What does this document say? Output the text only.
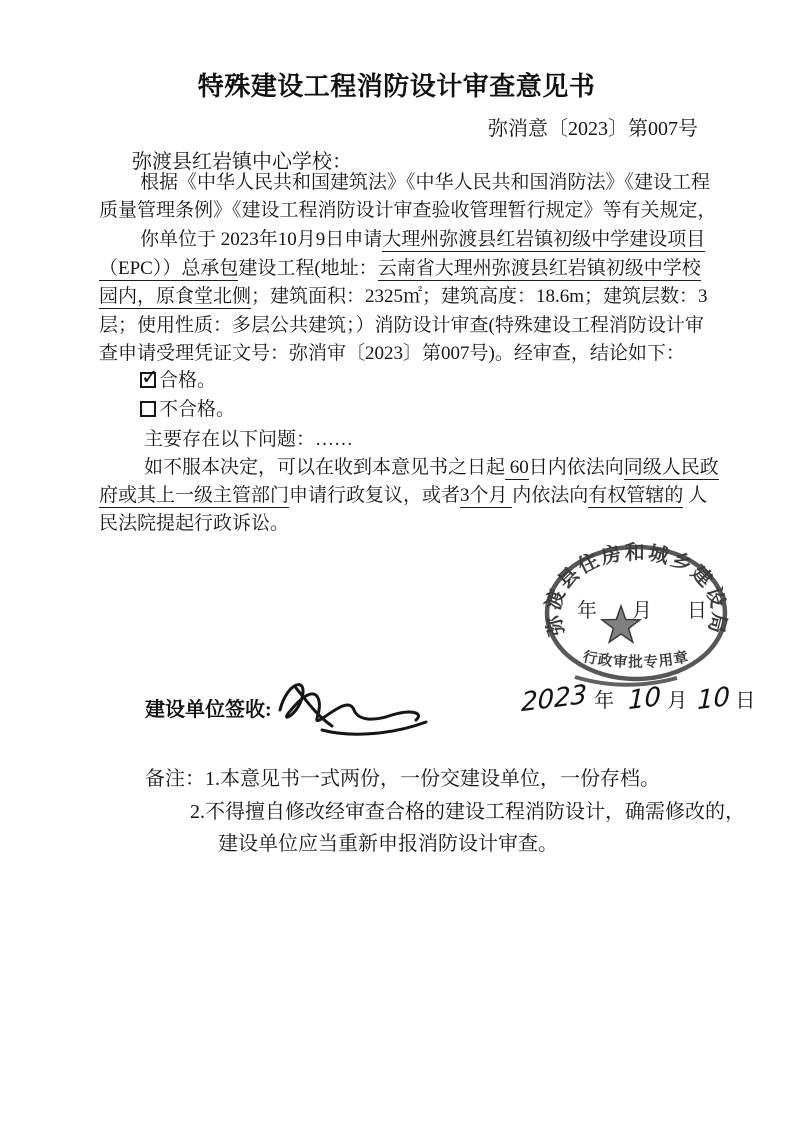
特殊建设工程消防设计审查意见书
弥消意〔2023〕第007号
弥渡县红岩镇中心学校：
根据《中华人民共和国建筑法》《中华人民共和国消防法》《建设工程
质量管理条例》《建设工程消防设计审查验收管理暂行规定》等有关规定，
你单位于 2023年10月9日申请大理州弥渡县红岩镇初级中学建设项目
（EPC））总承包建设工程(地址：云南省大理州弥渡县红岩镇初级中学校
园内，原食堂北侧；建筑面积：2325㎡；建筑高度：18.6m；建筑层数：3
层；使用性质：多层公共建筑；）消防设计审查(特殊建设工程消防设计审
查申请受理凭证文号：弥消审〔2023〕第007号)。经审查，结论如下：
✓ 合格。
不合格。
主要存在以下问题：……
如不服本决定，可以在收到本意见书之日起 60日内依法向同级人民政
府或其上一级主管部门申请行政复议，或者3个月 内依法向有权管辖的 人
民法院提起行政诉讼。
年 月 日
弥渡县住房和城乡建设局
行政审批专用章
建设单位签收:	2023 年 10 月 10 日
备注：1.本意见书一式两份，一份交建设单位，一份存档。
2.不得擅自修改经审查合格的建设工程消防设计，确需修改的，
建设单位应当重新申报消防设计审查。
